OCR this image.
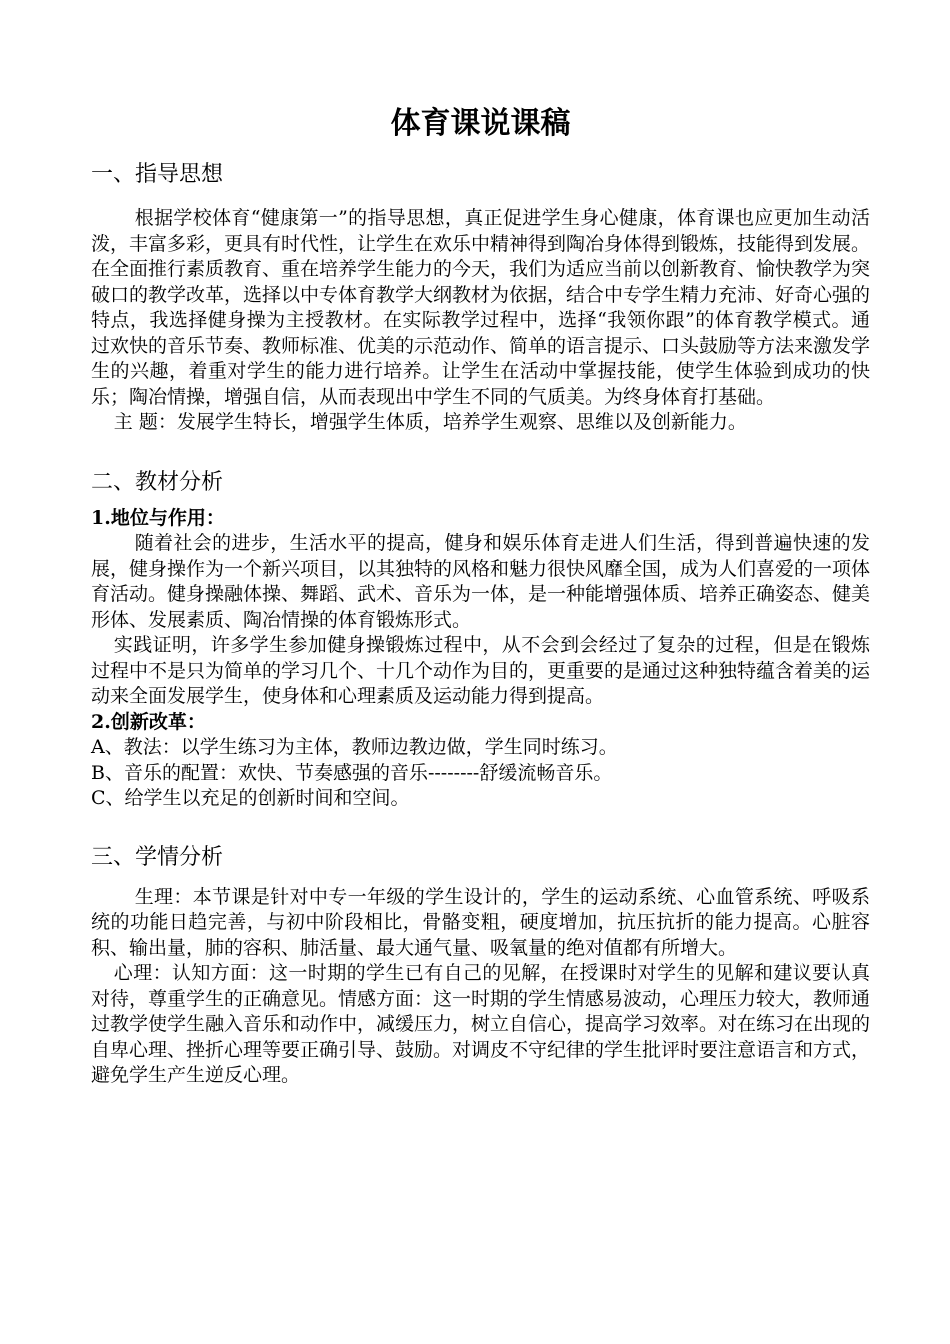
体育课说课稿
一、指导思想

根据学校体育“健康第一”的指导思想，真正促进学生身心健康，体育课也应更加生动活泼，丰富多彩，更具有时代性，让学生在欢乐中精神得到陶冶身体得到锻炼，技能得到发展。在全面推行素质教育、重在培养学生能力的今天，我们为适应当前以创新教育、愉快教学为突破口的教学改革，选择以中专体育教学大纲教材为依据，结合中专学生精力充沛、好奇心强的特点，我选择健身操为主授教材。在实际教学过程中，选择“我领你跟”的体育教学模式。通过欢快的音乐节奏、教师标准、优美的示范动作、简单的语言提示、口头鼓励等方法来激发学生的兴趣，着重对学生的能力进行培养。让学生在活动中掌握技能，使学生体验到成功的快乐；陶冶情操，增强自信，从而表现出中学生不同的气质美。为终身体育打基础。

主 题：发展学生特长，增强学生体质，培养学生观察、思维以及创新能力。

二、教材分析

1.地位与作用：

随着社会的进步，生活水平的提高，健身和娱乐体育走进人们生活，得到普遍快速的发展，健身操作为一个新兴项目，以其独特的风格和魅力很快风靡全国，成为人们喜爱的一项体育活动。健身操融体操、舞蹈、武术、音乐为一体，是一种能增强体质、培养正确姿态、健美形体、发展素质、陶冶情操的体育锻炼形式。

实践证明，许多学生参加健身操锻炼过程中，从不会到会经过了复杂的过程，但是在锻炼过程中不是只为简单的学习几个、十几个动作为目的，更重要的是通过这种独特蕴含着美的运动来全面发展学生，使身体和心理素质及运动能力得到提高。

2.创新改革：

A、教法：以学生练习为主体，教师边教边做，学生同时练习。

B、音乐的配置：欢快、节奏感强的音乐--------舒缓流畅音乐。

C、给学生以充足的创新时间和空间。

三、学情分析

生理：本节课是针对中专一年级的学生设计的，学生的运动系统、心血管系统、呼吸系统的功能日趋完善，与初中阶段相比，骨骼变粗，硬度增加，抗压抗折的能力提高。心脏容积、输出量，肺的容积、肺活量、最大通气量、吸氧量的绝对值都有所增大。

心理：认知方面：这一时期的学生已有自己的见解，在授课时对学生的见解和建议要认真对待，尊重学生的正确意见。情感方面：这一时期的学生情感易波动，心理压力较大，教师通过教学使学生融入音乐和动作中，减缓压力，树立自信心，提高学习效率。对在练习在出现的自卑心理、挫折心理等要正确引导、鼓励。对调皮不守纪律的学生批评时要注意语言和方式，避免学生产生逆反心理。
